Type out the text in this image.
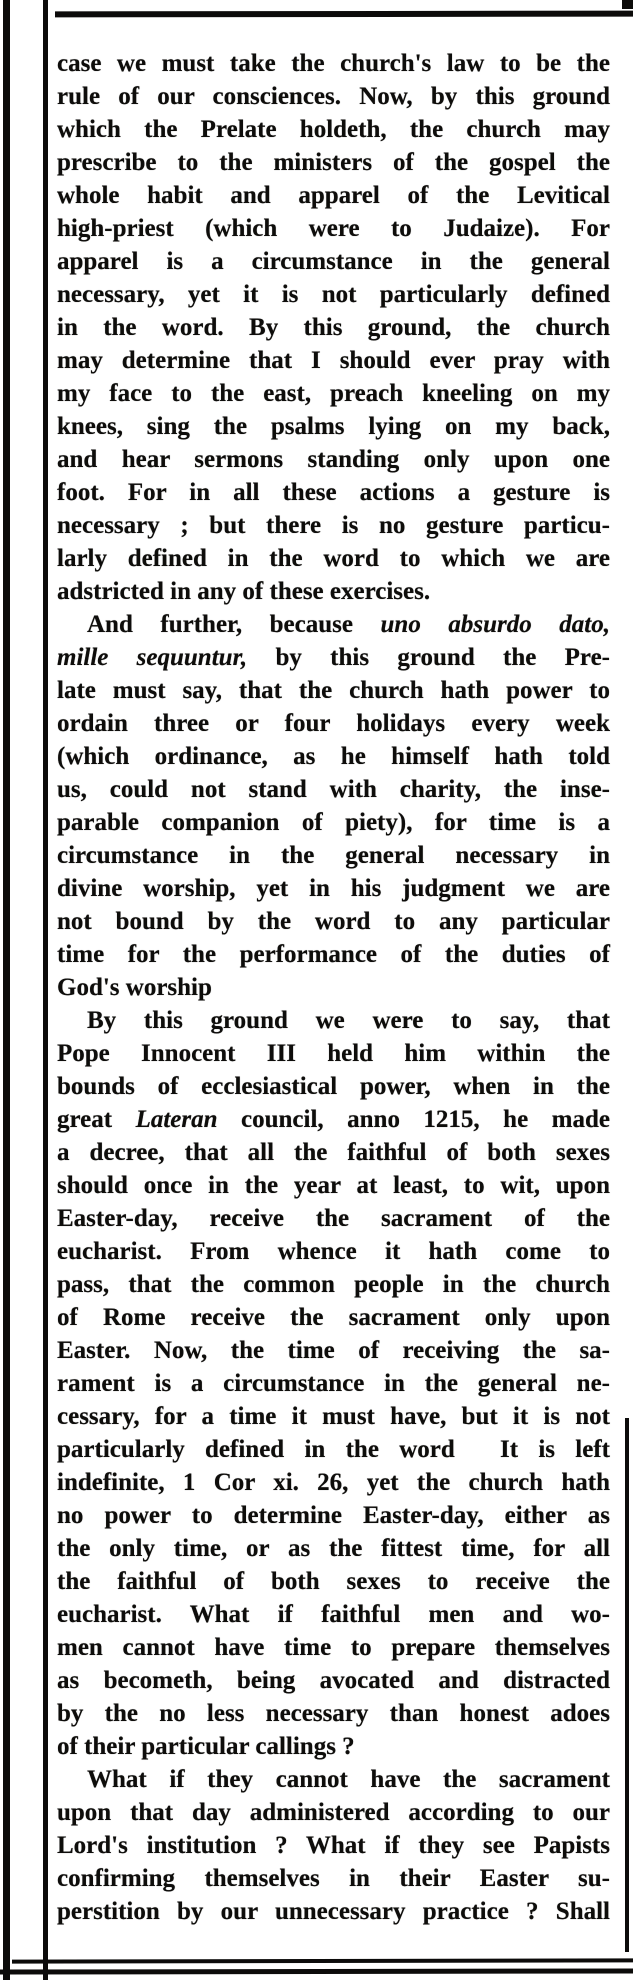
case we must take the church's law to be the
rule of our consciences. Now, by this ground
which the Prelate holdeth, the church may
prescribe to the ministers of the gospel the
whole habit and apparel of the Levitical
high-priest (which were to Judaize). For
apparel is a circumstance in the general
necessary, yet it is not particularly defined
in the word. By this ground, the church
may determine that I should ever pray with
my face to the east, preach kneeling on my
knees, sing the psalms lying on my back,
and hear sermons standing only upon one
foot. For in all these actions a gesture is
necessary ; but there is no gesture particu-
larly defined in the word to which we are
adstricted in any of these exercises.
And further, because uno absurdo dato,
mille sequuntur, by this ground the Pre-
late must say, that the church hath power to
ordain three or four holidays every week
(which ordinance, as he himself hath told
us, could not stand with charity, the inse-
parable companion of piety), for time is a
circumstance in the general necessary in
divine worship, yet in his judgment we are
not bound by the word to any particular
time for the performance of the duties of
God's worship
By this ground we were to say, that
Pope Innocent III held him within the
bounds of ecclesiastical power, when in the
great Lateran council, anno 1215, he made
a decree, that all the faithful of both sexes
should once in the year at least, to wit, upon
Easter-day, receive the sacrament of the
eucharist. From whence it hath come to
pass, that the common people in the church
of Rome receive the sacrament only upon
Easter. Now, the time of receiving the sa-
rament is a circumstance in the general ne-
cessary, for a time it must have, but it is not
particularly defined in the word  It is left
indefinite, 1 Cor xi. 26, yet the church hath
no power to determine Easter-day, either as
the only time, or as the fittest time, for all
the faithful of both sexes to receive the
eucharist. What if faithful men and wo-
men cannot have time to prepare themselves
as becometh, being avocated and distracted
by the no less necessary than honest adoes
of their particular callings ?
What if they cannot have the sacrament
upon that day administered according to our
Lord's institution ? What if they see Papists
confirming themselves in their Easter su-
perstition by our unnecessary practice ? Shall
